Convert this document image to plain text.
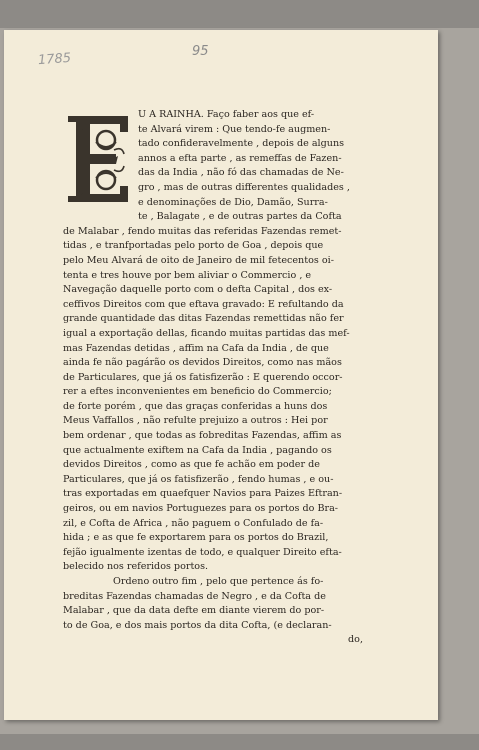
1785	95
U A RAINHA. Faço faber aos que ef-
te Alvará virem : Que tendo-fe augmen-
tado confideravelmente , depois de alguns
annos a efta parte , as remeffas de Fazen-
das da India , não fó das chamadas de Ne-
gro , mas de outras differentes qualidades ,
e denominações de Dio, Damão, Surra-
te , Balagate , e de outras partes da Cofta
de Malabar , fendo muitas das referidas Fazendas remet-
tidas , e tranfportadas pelo porto de Goa , depois que
pelo Meu Alvará de oito de Janeiro de mil fetecentos oi-
tenta e tres houve por bem aliviar o Commercio , e
Navegação daquelle porto com o defta Capital , dos ex-
ceffivos Direitos com que eftava gravado: E refultando da
grande quantidade das ditas Fazendas remettidas não fer
igual a exportação dellas, ficando muitas partidas das mef-
mas Fazendas detidas , affim na Cafa da India , de que
ainda fe não pagárão os devidos Direitos, como nas mãos
de Particulares, que já os fatisfizerão : E querendo occor-
rer a eftes inconvenientes em beneficio do Commercio;
de forte porém , que das graças conferidas a huns dos
Meus Vaffallos , não refulte prejuizo a outros : Hei por
bem ordenar , que todas as fobreditas Fazendas, affim as
que actualmente exiftem na Cafa da India , pagando os
devidos Direitos , como as que fe achão em poder de
Particulares, que já os fatisfizerão , fendo humas , e ou-
tras exportadas em quaefquer Navios para Paizes Eftran-
geiros, ou em navios Portuguezes para os portos do Bra-
zil, e Cofta de Africa , não paguem o Confulado de fa-
hida ; e as que fe exportarem para os portos do Brazil,
fejão igualmente izentas de todo, e qualquer Direito efta-
belecido nos referidos portos.
Ordeno outro fim , pelo que pertence ás fo-
breditas Fazendas chamadas de Negro , e da Cofta de
Malabar , que da data defte em diante vierem do por-
to de Goa, e dos mais portos da dita Cofta, (e declaran-
do,
